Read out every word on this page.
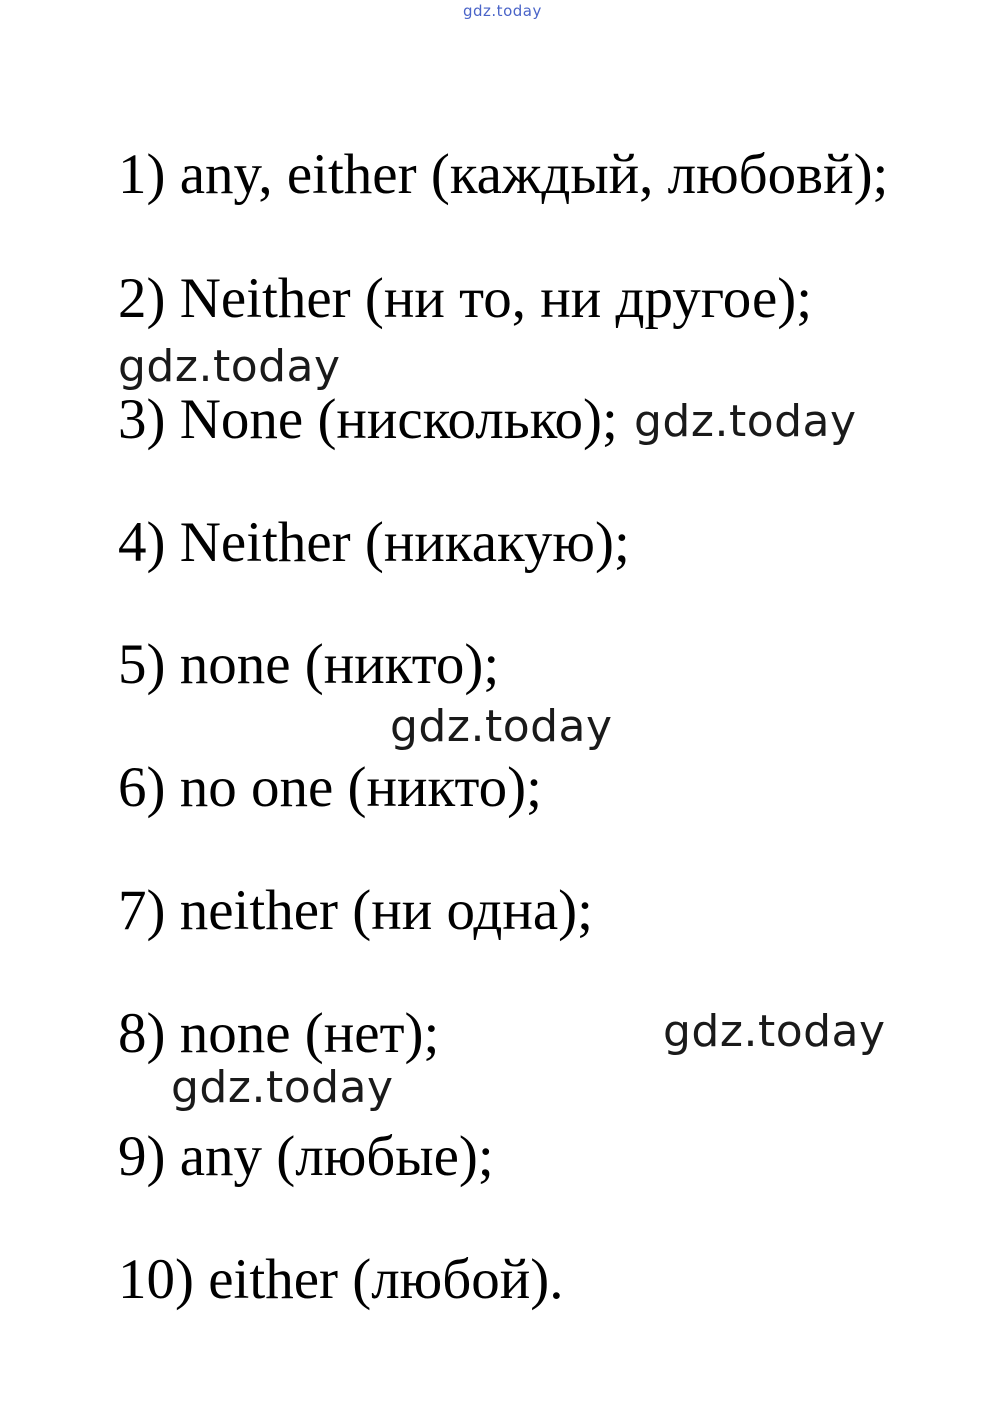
gdz.today

1) any, either (каждый, любовй);

2) Neither (ни то, ни другое);

3) None (нисколько);

4) Neither (никакую);

5) none (никто);

6) no one (никто);

7) neither (ни одна);

8) none (нет);

9) any (любые);

10) either (любой).

gdz.today
gdz.today
gdz.today
gdz.today
gdz.today
